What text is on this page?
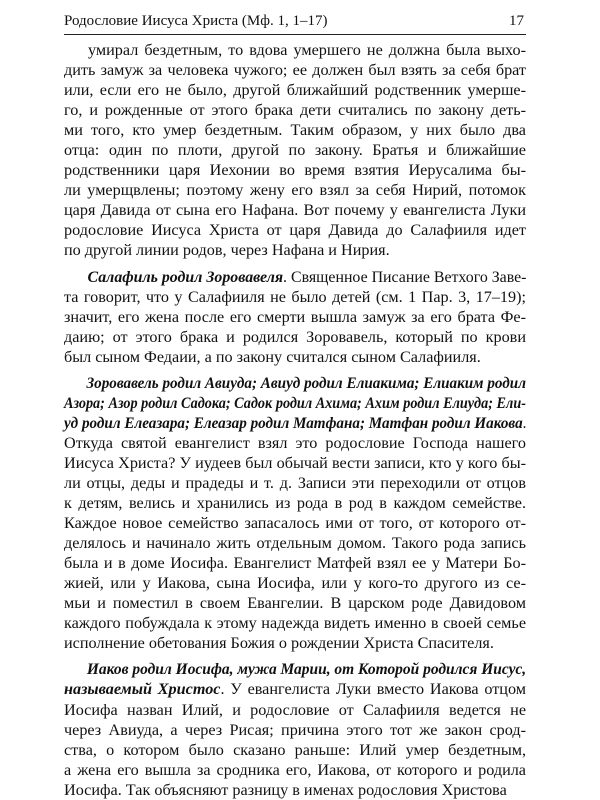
Родословие Иисуса Христа (Мф. 1, 1–17)	17
умирал бездетным, то вдова умершего не должна была выхо-
дить замуж за человека чужого; ее должен был взять за себя брат
или, если его не было, другой ближайший родственник умерше-
го, и рожденные от этого брака дети считались по закону деть-
ми того, кто умер бездетным. Таким образом, у них было два
отца: один по плоти, другой по закону. Братья и ближайшие
родственники царя Иехонии во время взятия Иерусалима бы-
ли умерщвлены; поэтому жену его взял за себя Нирий, потомок
царя Давида от сына его Нафана. Вот почему у евангелиста Луки
родословие Иисуса Христа от царя Давида до Салафииля идет
по другой линии родов, через Нафана и Нирия.
Салафиль родил Зоровавеля. Священное Писание Ветхого Заве-
та говорит, что у Салафииля не было детей (см. 1 Пар. 3, 17–19);
значит, его жена после его смерти вышла замуж за его брата Фе-
даию; от этого брака и родился Зоровавель, который по крови
был сыном Федаии, а по закону считался сыном Салафииля.
Зоровавель родил Авиуда; Авиуд родил Елиакима; Елиаким родил
Азора; Азор родил Садока; Садок родил Ахима; Ахим родил Елиуда; Ели-
уд родил Елеазара; Елеазар родил Матфана; Матфан родил Иакова.
Откуда святой евангелист взял это родословие Господа нашего
Иисуса Христа? У иудеев был обычай вести записи, кто у кого бы-
ли отцы, деды и прадеды и т. д. Записи эти переходили от отцов
к детям, велись и хранились из рода в род в каждом семействе.
Каждое новое семейство запасалось ими от того, от которого от-
делялось и начинало жить отдельным домом. Такого рода запись
была и в доме Иосифа. Евангелист Матфей взял ее у Матери Бо-
жией, или у Иакова, сына Иосифа, или у кого-то другого из се-
мьи и поместил в своем Евангелии. В царском роде Давидовом
каждого побуждала к этому надежда видеть именно в своей семье
исполнение обетования Божия о рождении Христа Спасителя.
Иаков родил Иосифа, мужа Марии, от Которой родился Иисус,
называемый Христос. У евангелиста Луки вместо Иакова отцом
Иосифа назван Илий, и родословие от Салафииля ведется не
через Авиуда, а через Рисая; причина этого тот же закон срод-
ства, о котором было сказано раньше: Илий умер бездетным,
а жена его вышла за сродника его, Иакова, от которого и родила
Иосифа. Так объясняют разницу в именах родословия Христова
